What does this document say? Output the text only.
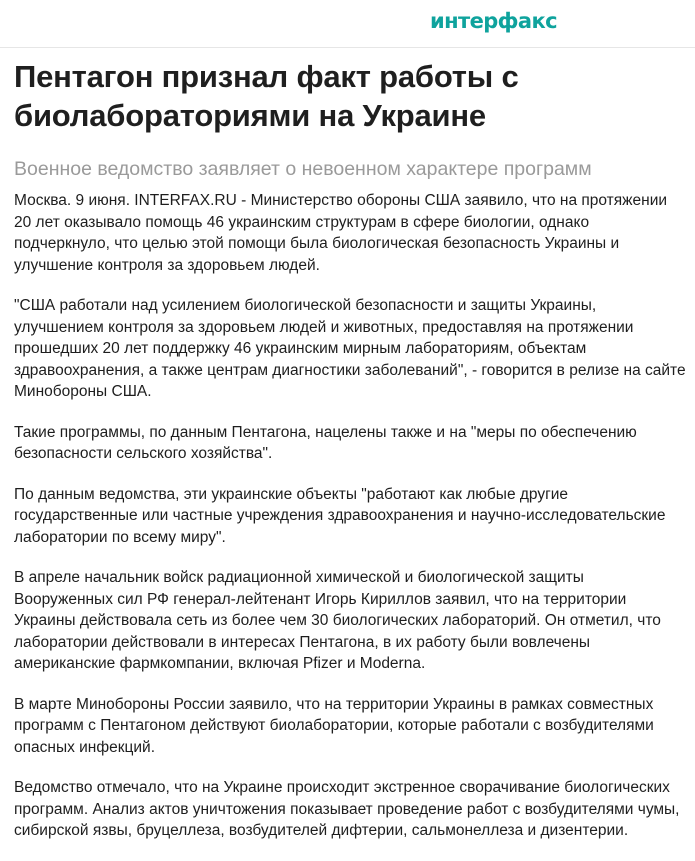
интерфакс
Пентагон признал факт работы с биолабораториями на Украине
Военное ведомство заявляет о невоенном характере программ

Москва. 9 июня. INTERFAX.RU - Министерство обороны США заявило, что на протяжении 20 лет оказывало помощь 46 украинским структурам в сфере биологии, однако подчеркнуло, что целью этой помощи была биологическая безопасность Украины и улучшение контроля за здоровьем людей.

"США работали над усилением биологической безопасности и защиты Украины, улучшением контроля за здоровьем людей и животных, предоставляя на протяжении прошедших 20 лет поддержку 46 украинским мирным лабораториям, объектам здравоохранения, а также центрам диагностики заболеваний", - говорится в релизе на сайте Минобороны США.

Такие программы, по данным Пентагона, нацелены также и на "меры по обеспечению безопасности сельского хозяйства".

По данным ведомства, эти украинские объекты "работают как любые другие государственные или частные учреждения здравоохранения и научно-исследовательские лаборатории по всему миру".

В апреле начальник войск радиационной химической и биологической защиты Вооруженных сил РФ генерал-лейтенант Игорь Кириллов заявил, что на территории Украины действовала сеть из более чем 30 биологических лабораторий. Он отметил, что лаборатории действовали в интересах Пентагона, в их работу были вовлечены американские фармкомпании, включая Pfizer и Moderna.

В марте Минобороны России заявило, что на территории Украины в рамках совместных программ с Пентагоном действуют биолаборатории, которые работали с возбудителями опасных инфекций.

Ведомство отмечало, что на Украине происходит экстренное сворачивание биологических программ. Анализ актов уничтожения показывает проведение работ с возбудителями чумы, сибирской язвы, бруцеллеза, возбудителей дифтерии, сальмонеллеза и дизентерии.
